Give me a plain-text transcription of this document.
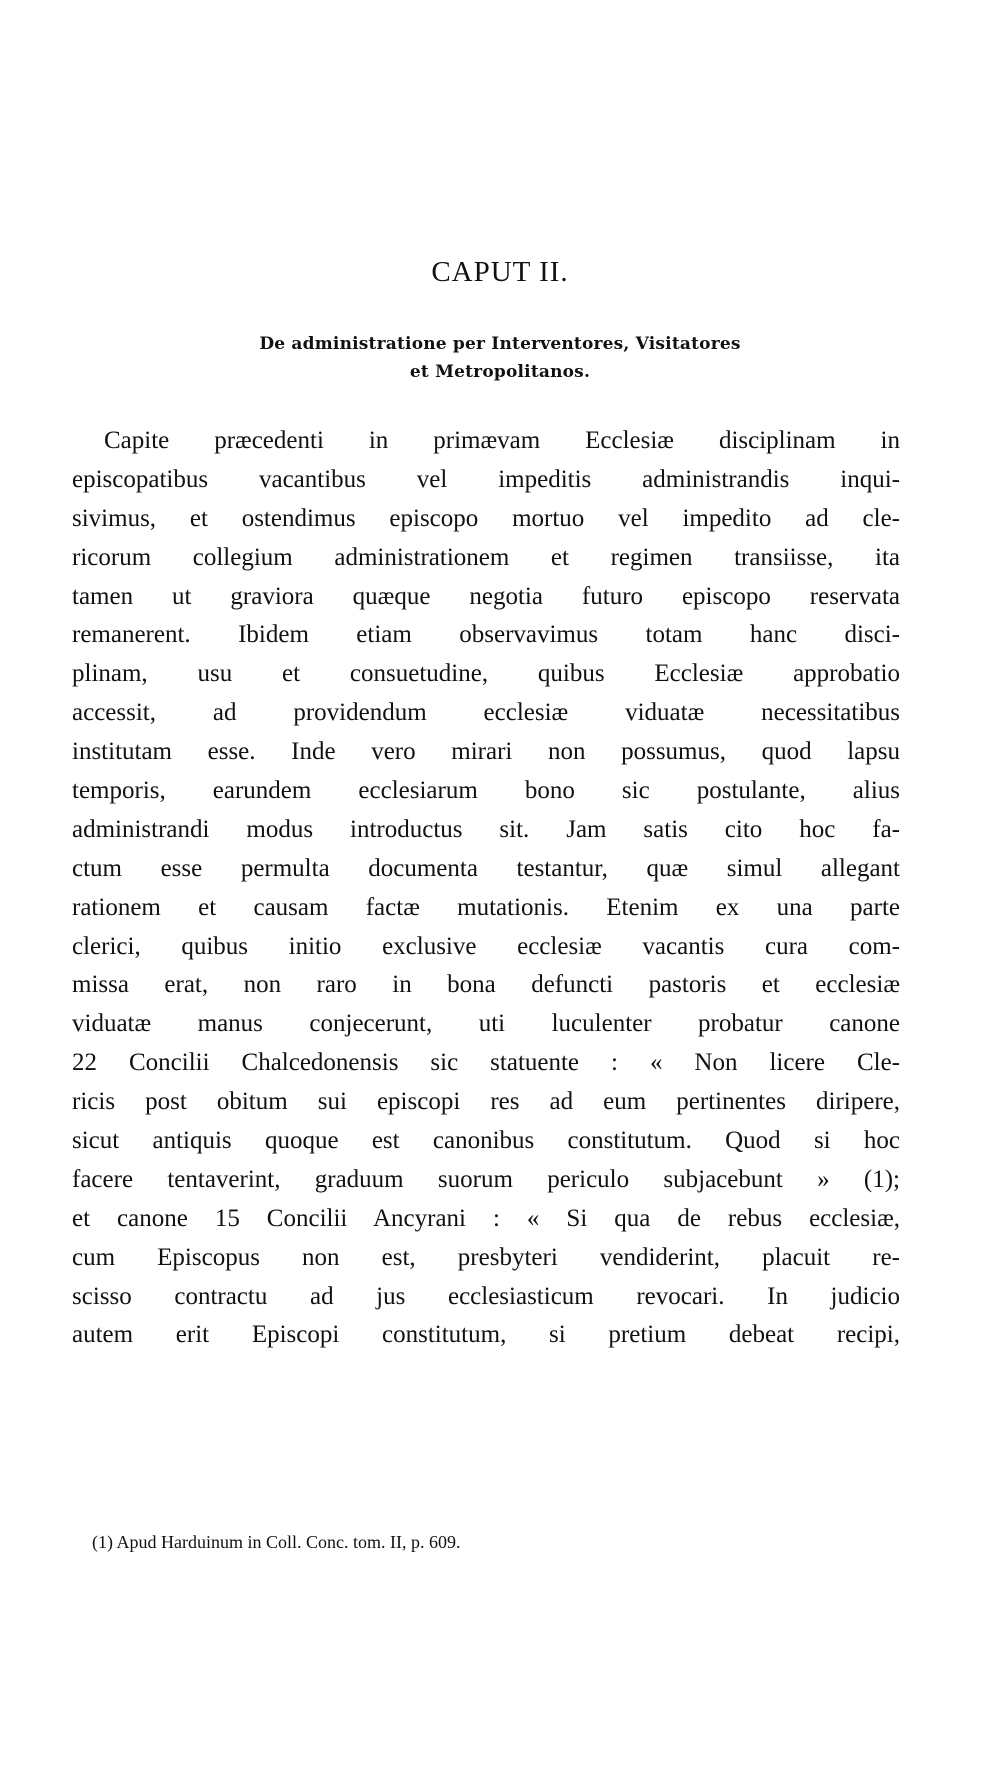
CAPUT II.
De administratione per Interventores, Visitatores
et Metropolitanos.
Capite præcedenti in primævam Ecclesiæ disciplinam in
episcopatibus vacantibus vel impeditis administrandis inqui-
sivimus, et ostendimus episcopo mortuo vel impedito ad cle-
ricorum collegium administrationem et regimen transiisse, ita
tamen ut graviora quæque negotia futuro episcopo reservata
remanerent. Ibidem etiam observavimus totam hanc disci-
plinam, usu et consuetudine, quibus Ecclesiæ approbatio
accessit, ad providendum ecclesiæ viduatæ necessitatibus
institutam esse. Inde vero mirari non possumus, quod lapsu
temporis, earundem ecclesiarum bono sic postulante, alius
administrandi modus introductus sit. Jam satis cito hoc fa-
ctum esse permulta documenta testantur, quæ simul allegant
rationem et causam factæ mutationis. Etenim ex una parte
clerici, quibus initio exclusive ecclesiæ vacantis cura com-
missa erat, non raro in bona defuncti pastoris et ecclesiæ
viduatæ manus conjecerunt, uti luculenter probatur canone
22 Concilii Chalcedonensis sic statuente : « Non licere Cle-
ricis post obitum sui episcopi res ad eum pertinentes diripere,
sicut antiquis quoque est canonibus constitutum. Quod si hoc
facere tentaverint, graduum suorum periculo subjacebunt » (1);
et canone 15 Concilii Ancyrani : « Si qua de rebus ecclesiæ,
cum Episcopus non est, presbyteri vendiderint, placuit re-
scisso contractu ad jus ecclesiasticum revocari. In judicio
autem erit Episcopi constitutum, si pretium debeat recipi,
(1) Apud Harduinum in Coll. Conc. tom. II, p. 609.
